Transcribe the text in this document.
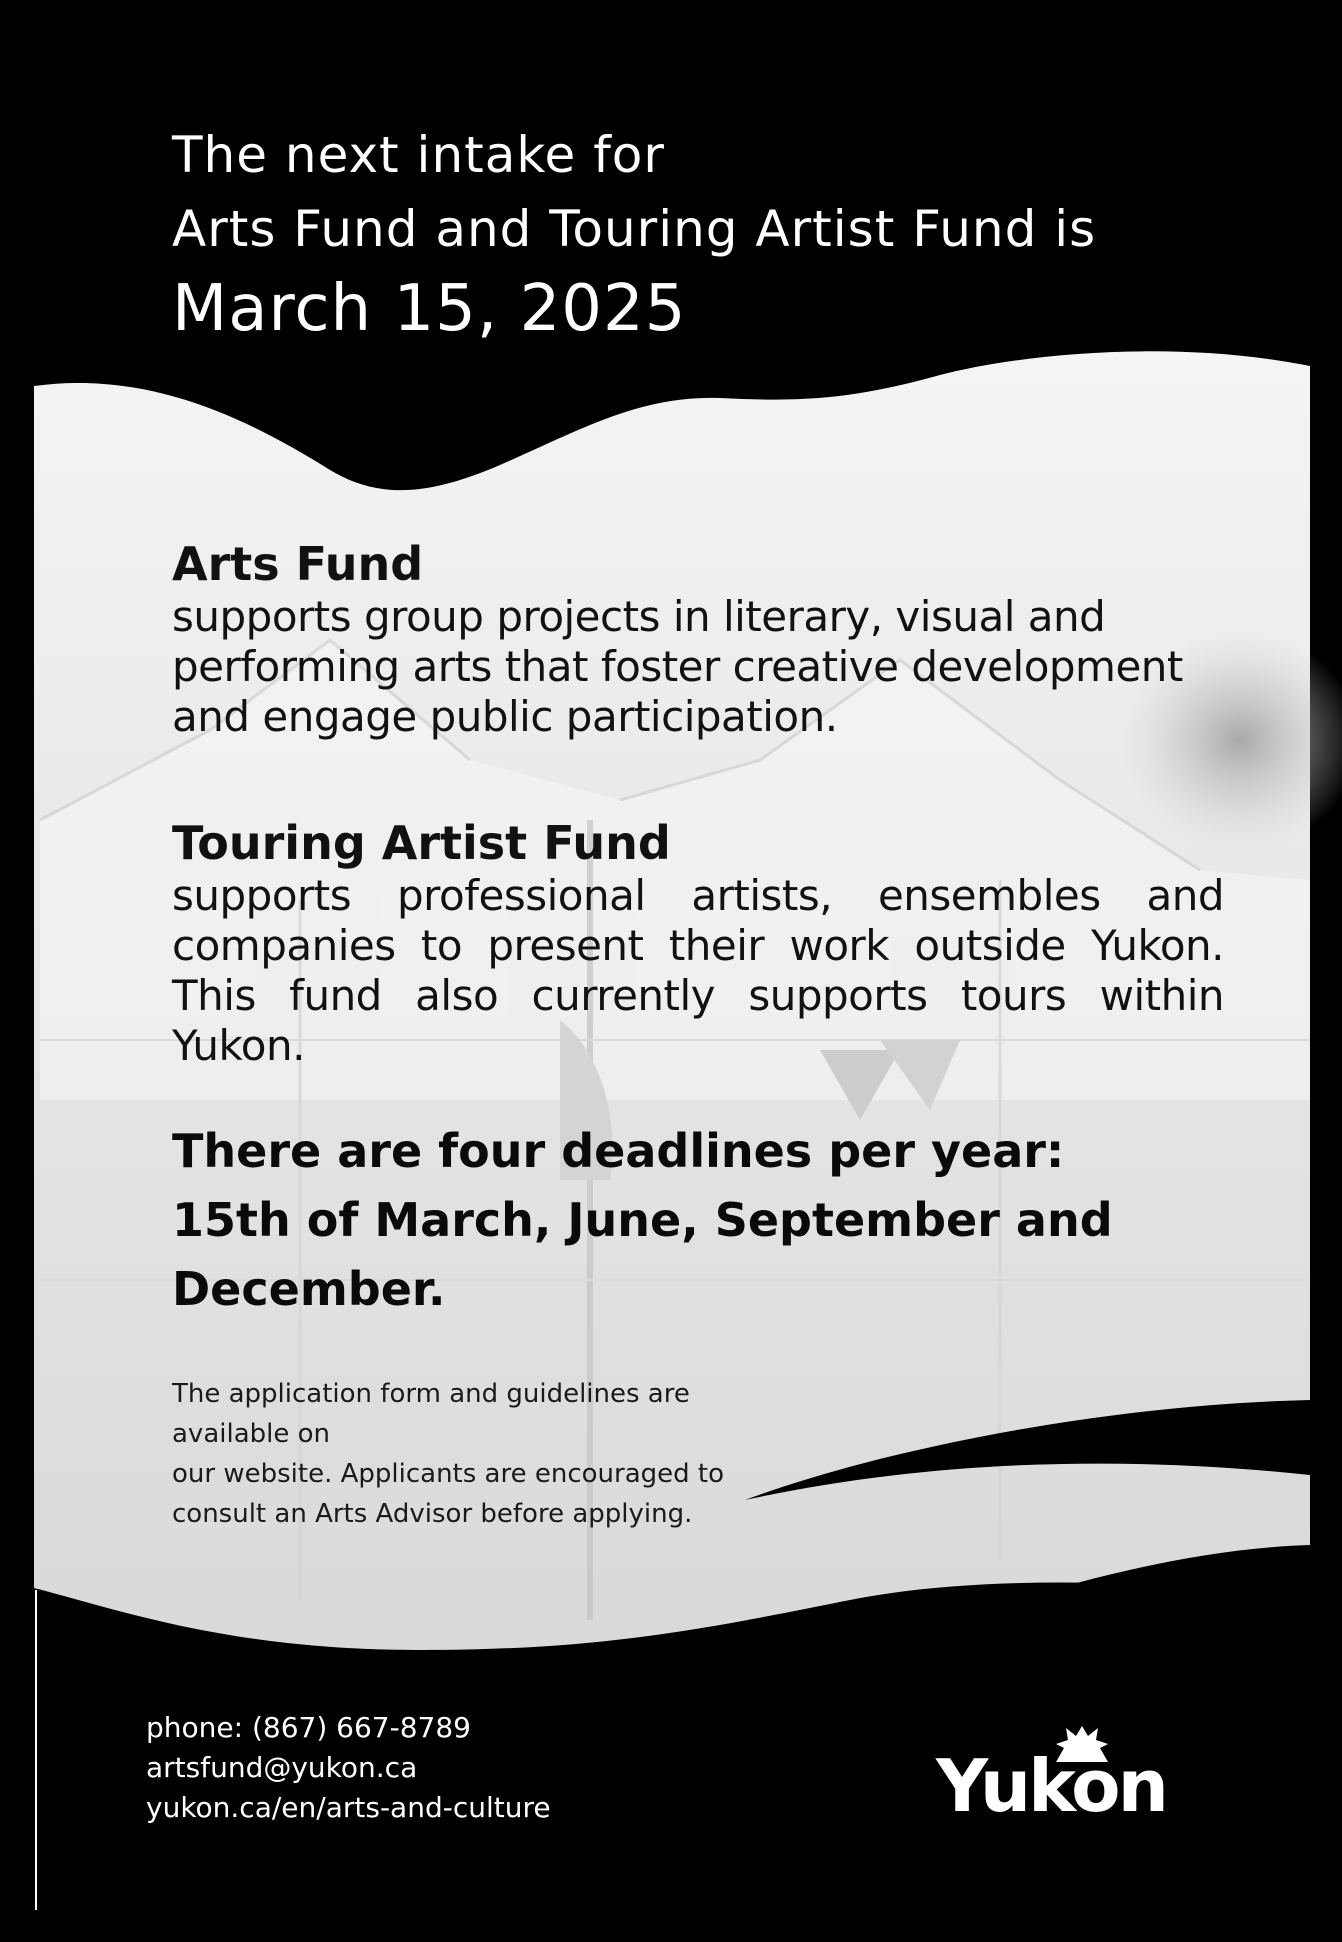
The next intake for
Arts Fund and Touring Artist Fund is
March 15, 2025
Arts Fund

supports group projects in literary, visual and performing arts that foster creative development and engage public participation.

Touring Artist Fund

supports professional artists, ensembles and companies to present their work outside Yukon. This fund also currently supports tours within Yukon.

There are four deadlines per year:
15th of March, June, September and
December.
The application form and guidelines are available on
our website. Applicants are encouraged to
consult an Arts Advisor before applying.
phone: (867) 667-8789
artsfund@yukon.ca
yukon.ca/en/arts-and-culture	Yukon
